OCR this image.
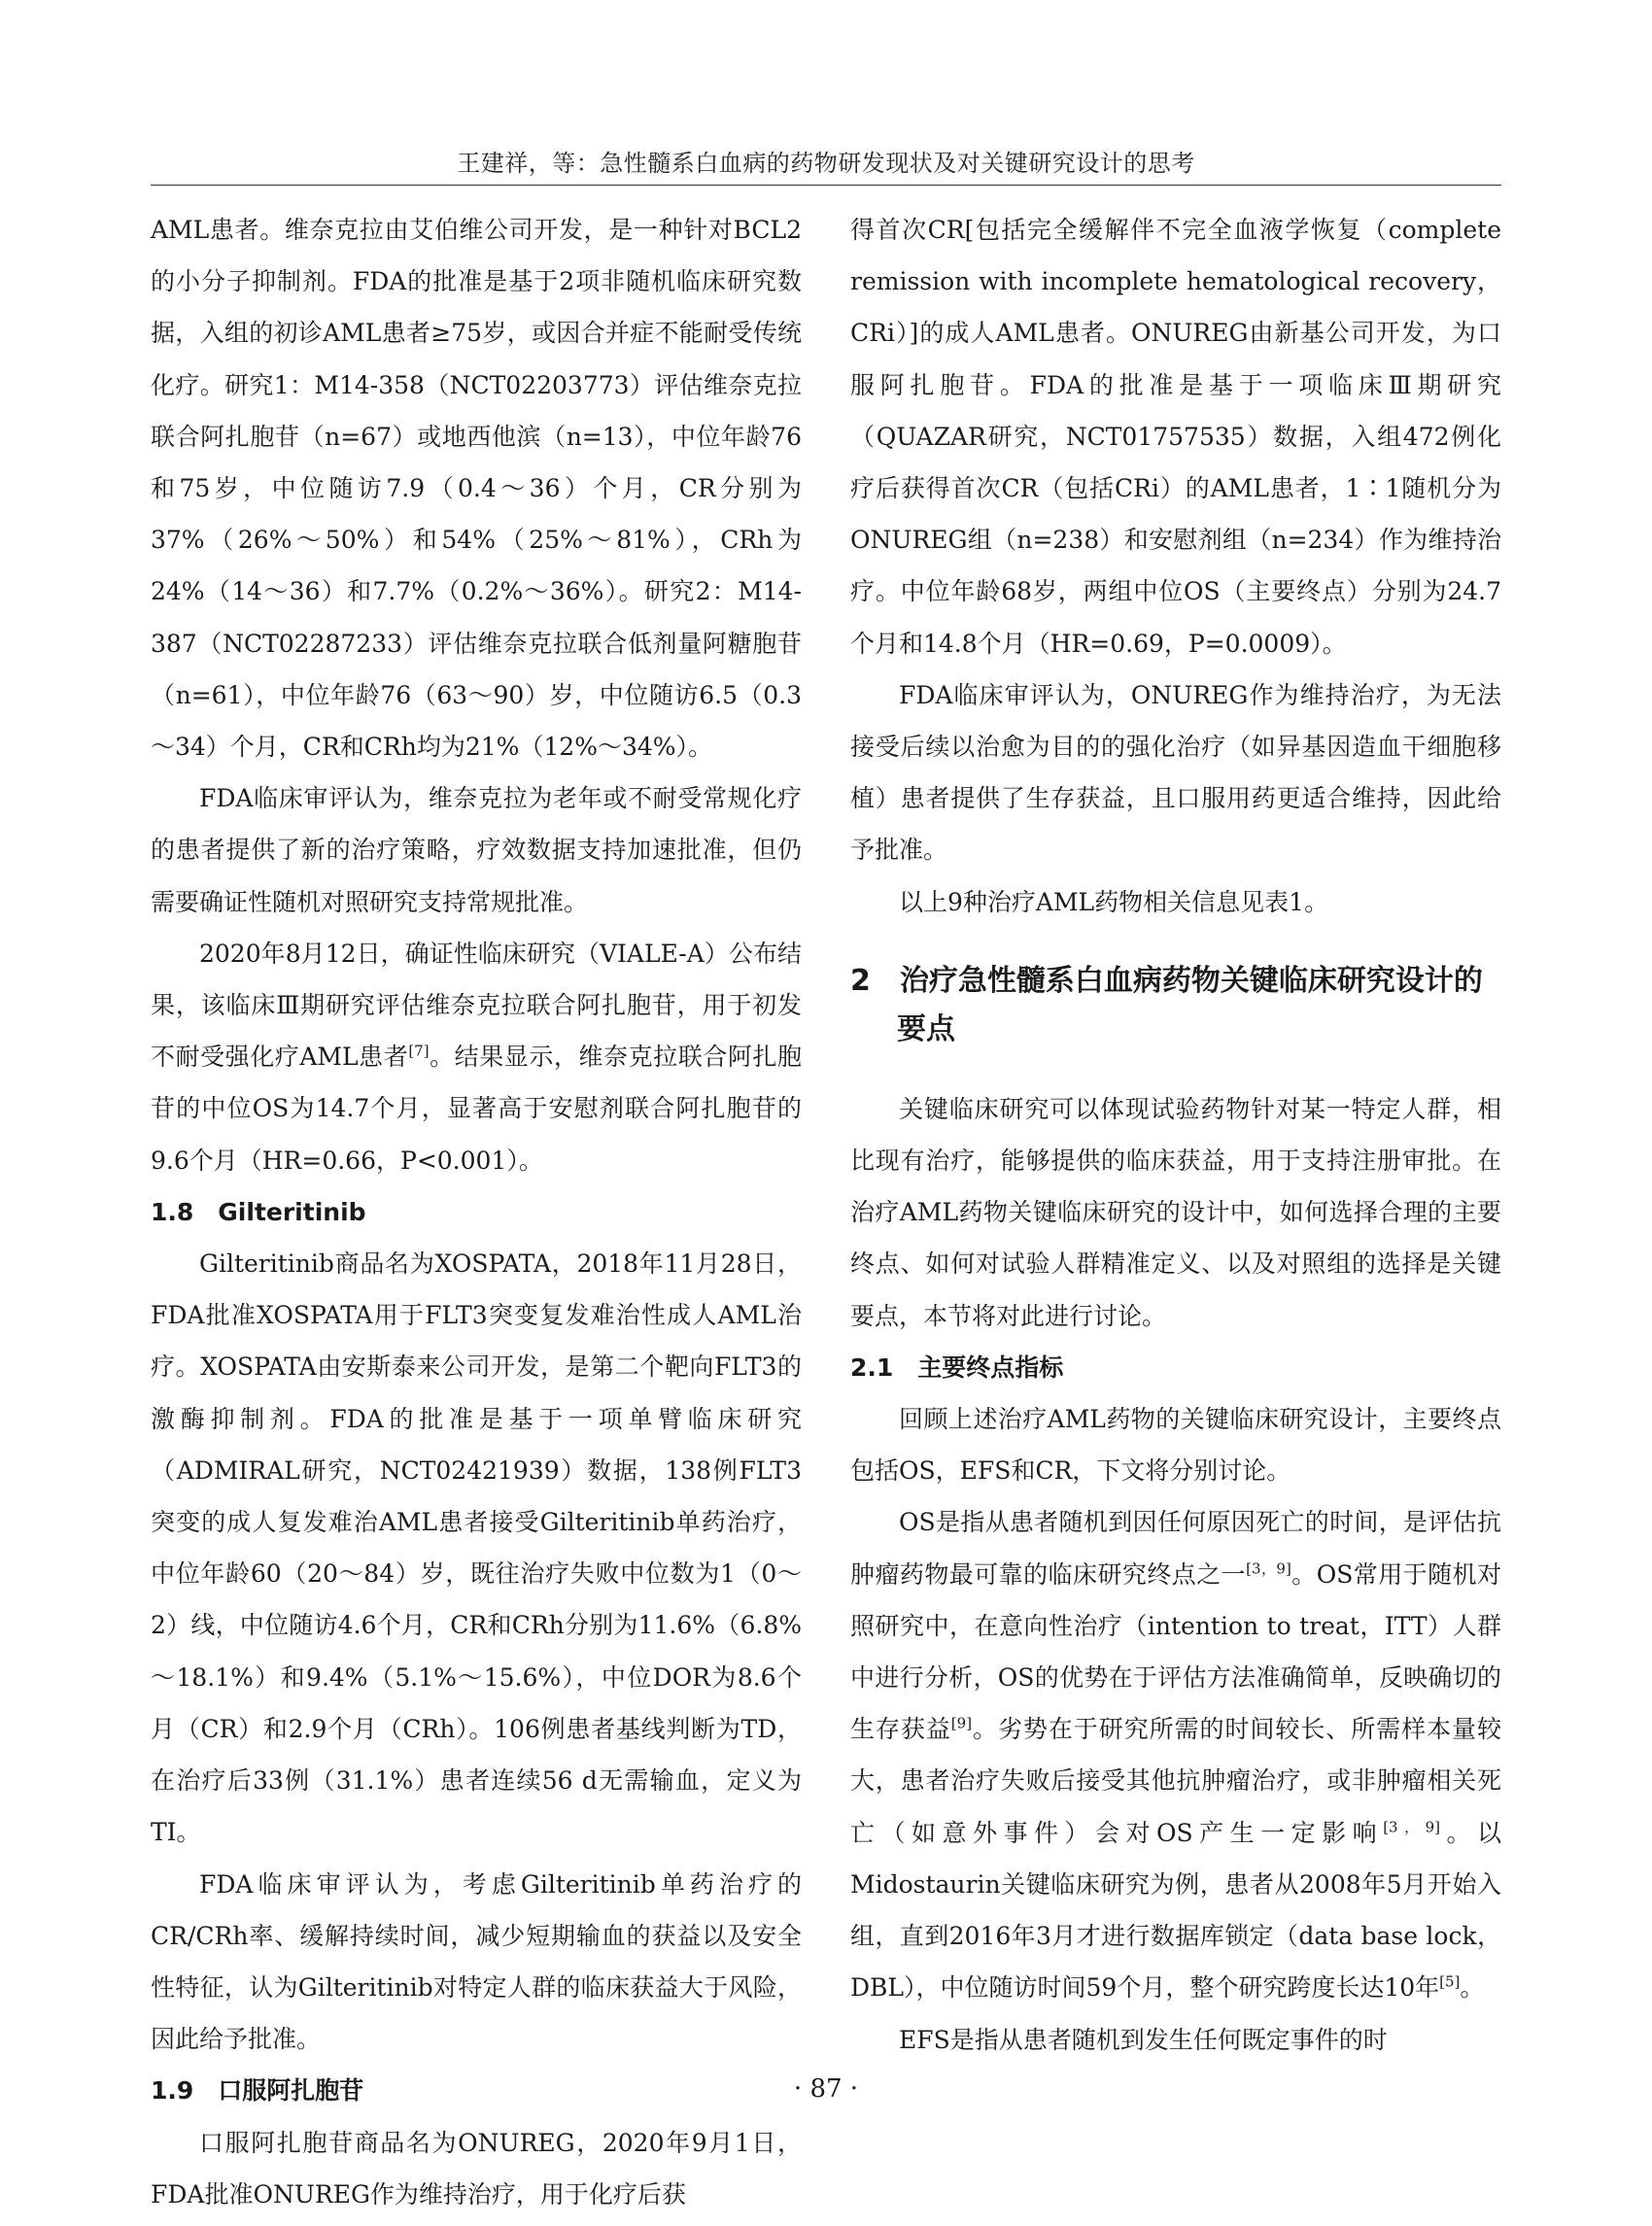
王建祥，等：急性髓系白血病的药物研发现状及对关键研究设计的思考

AML患者。维奈克拉由艾伯维公司开发，是一种针对BCL2的小分子抑制剂。FDA的批准是基于2项非随机临床研究数据，入组的初诊AML患者≥75岁，或因合并症不能耐受传统化疗。研究1：M14-358（NCT02203773）评估维奈克拉联合阿扎胞苷（n=67）或地西他滨（n=13），中位年龄76和75岁，中位随访7.9（0.4～36）个月，CR分别为37%（26%～50%）和54%（25%～81%），CRh为24%（14～36）和7.7%（0.2%～36%）。研究2：M14-387（NCT02287233）评估维奈克拉联合低剂量阿糖胞苷（n=61），中位年龄76（63～90）岁，中位随访6.5（0.3～34）个月，CR和CRh均为21%（12%～34%）。

FDA临床审评认为，维奈克拉为老年或不耐受常规化疗的患者提供了新的治疗策略，疗效数据支持加速批准，但仍需要确证性随机对照研究支持常规批准。

2020年8月12日，确证性临床研究（VIALE-A）公布结果，该临床Ⅲ期研究评估维奈克拉联合阿扎胞苷，用于初发不耐受强化疗AML患者[7]。结果显示，维奈克拉联合阿扎胞苷的中位OS为14.7个月，显著高于安慰剂联合阿扎胞苷的9.6个月（HR=0.66，P<0.001）。

1.8　Gilteritinib

Gilteritinib商品名为XOSPATA，2018年11月28日，FDA批准XOSPATA用于FLT3突变复发难治性成人AML治疗。XOSPATA由安斯泰来公司开发，是第二个靶向FLT3的激酶抑制剂。FDA的批准是基于一项单臂临床研究（ADMIRAL研究，NCT02421939）数据，138例FLT3突变的成人复发难治AML患者接受Gilteritinib单药治疗，中位年龄60（20～84）岁，既往治疗失败中位数为1（0～2）线，中位随访4.6个月，CR和CRh分别为11.6%（6.8%～18.1%）和9.4%（5.1%～15.6%），中位DOR为8.6个月（CR）和2.9个月（CRh）。106例患者基线判断为TD，在治疗后33例（31.1%）患者连续56 d无需输血，定义为TI。

FDA临床审评认为，考虑Gilteritinib单药治疗的CR/CRh率、缓解持续时间，减少短期输血的获益以及安全性特征，认为Gilteritinib对特定人群的临床获益大于风险，因此给予批准。

1.9　口服阿扎胞苷

口服阿扎胞苷商品名为ONUREG，2020年9月1日，FDA批准ONUREG作为维持治疗，用于化疗后获

得首次CR[包括完全缓解伴不完全血液学恢复（complete remission with incomplete hematological recovery，CRi）]的成人AML患者。ONUREG由新基公司开发，为口服阿扎胞苷。FDA的批准是基于一项临床Ⅲ期研究（QUAZAR研究，NCT01757535）数据，入组472例化疗后获得首次CR（包括CRi）的AML患者，1∶1随机分为ONUREG组（n=238）和安慰剂组（n=234）作为维持治疗。中位年龄68岁，两组中位OS（主要终点）分别为24.7个月和14.8个月（HR=0.69，P=0.0009）。

FDA临床审评认为，ONUREG作为维持治疗，为无法接受后续以治愈为目的的强化治疗（如异基因造血干细胞移植）患者提供了生存获益，且口服用药更适合维持，因此给予批准。

以上9种治疗AML药物相关信息见表1。

2　治疗急性髓系白血病药物关键临床研究设计的要点

关键临床研究可以体现试验药物针对某一特定人群，相比现有治疗，能够提供的临床获益，用于支持注册审批。在治疗AML药物关键临床研究的设计中，如何选择合理的主要终点、如何对试验人群精准定义、以及对照组的选择是关键要点，本节将对此进行讨论。

2.1　主要终点指标

回顾上述治疗AML药物的关键临床研究设计，主要终点包括OS，EFS和CR，下文将分别讨论。

OS是指从患者随机到因任何原因死亡的时间，是评估抗肿瘤药物最可靠的临床研究终点之一[3，9]。OS常用于随机对照研究中，在意向性治疗（intention to treat，ITT）人群中进行分析，OS的优势在于评估方法准确简单，反映确切的生存获益[9]。劣势在于研究所需的时间较长、所需样本量较大，患者治疗失败后接受其他抗肿瘤治疗，或非肿瘤相关死亡（如意外事件）会对OS产生一定影响[3，9]。以Midostaurin关键临床研究为例，患者从2008年5月开始入组，直到2016年3月才进行数据库锁定（data base lock，DBL），中位随访时间59个月，整个研究跨度长达10年[5]。

EFS是指从患者随机到发生任何既定事件的时

· 87 ·
